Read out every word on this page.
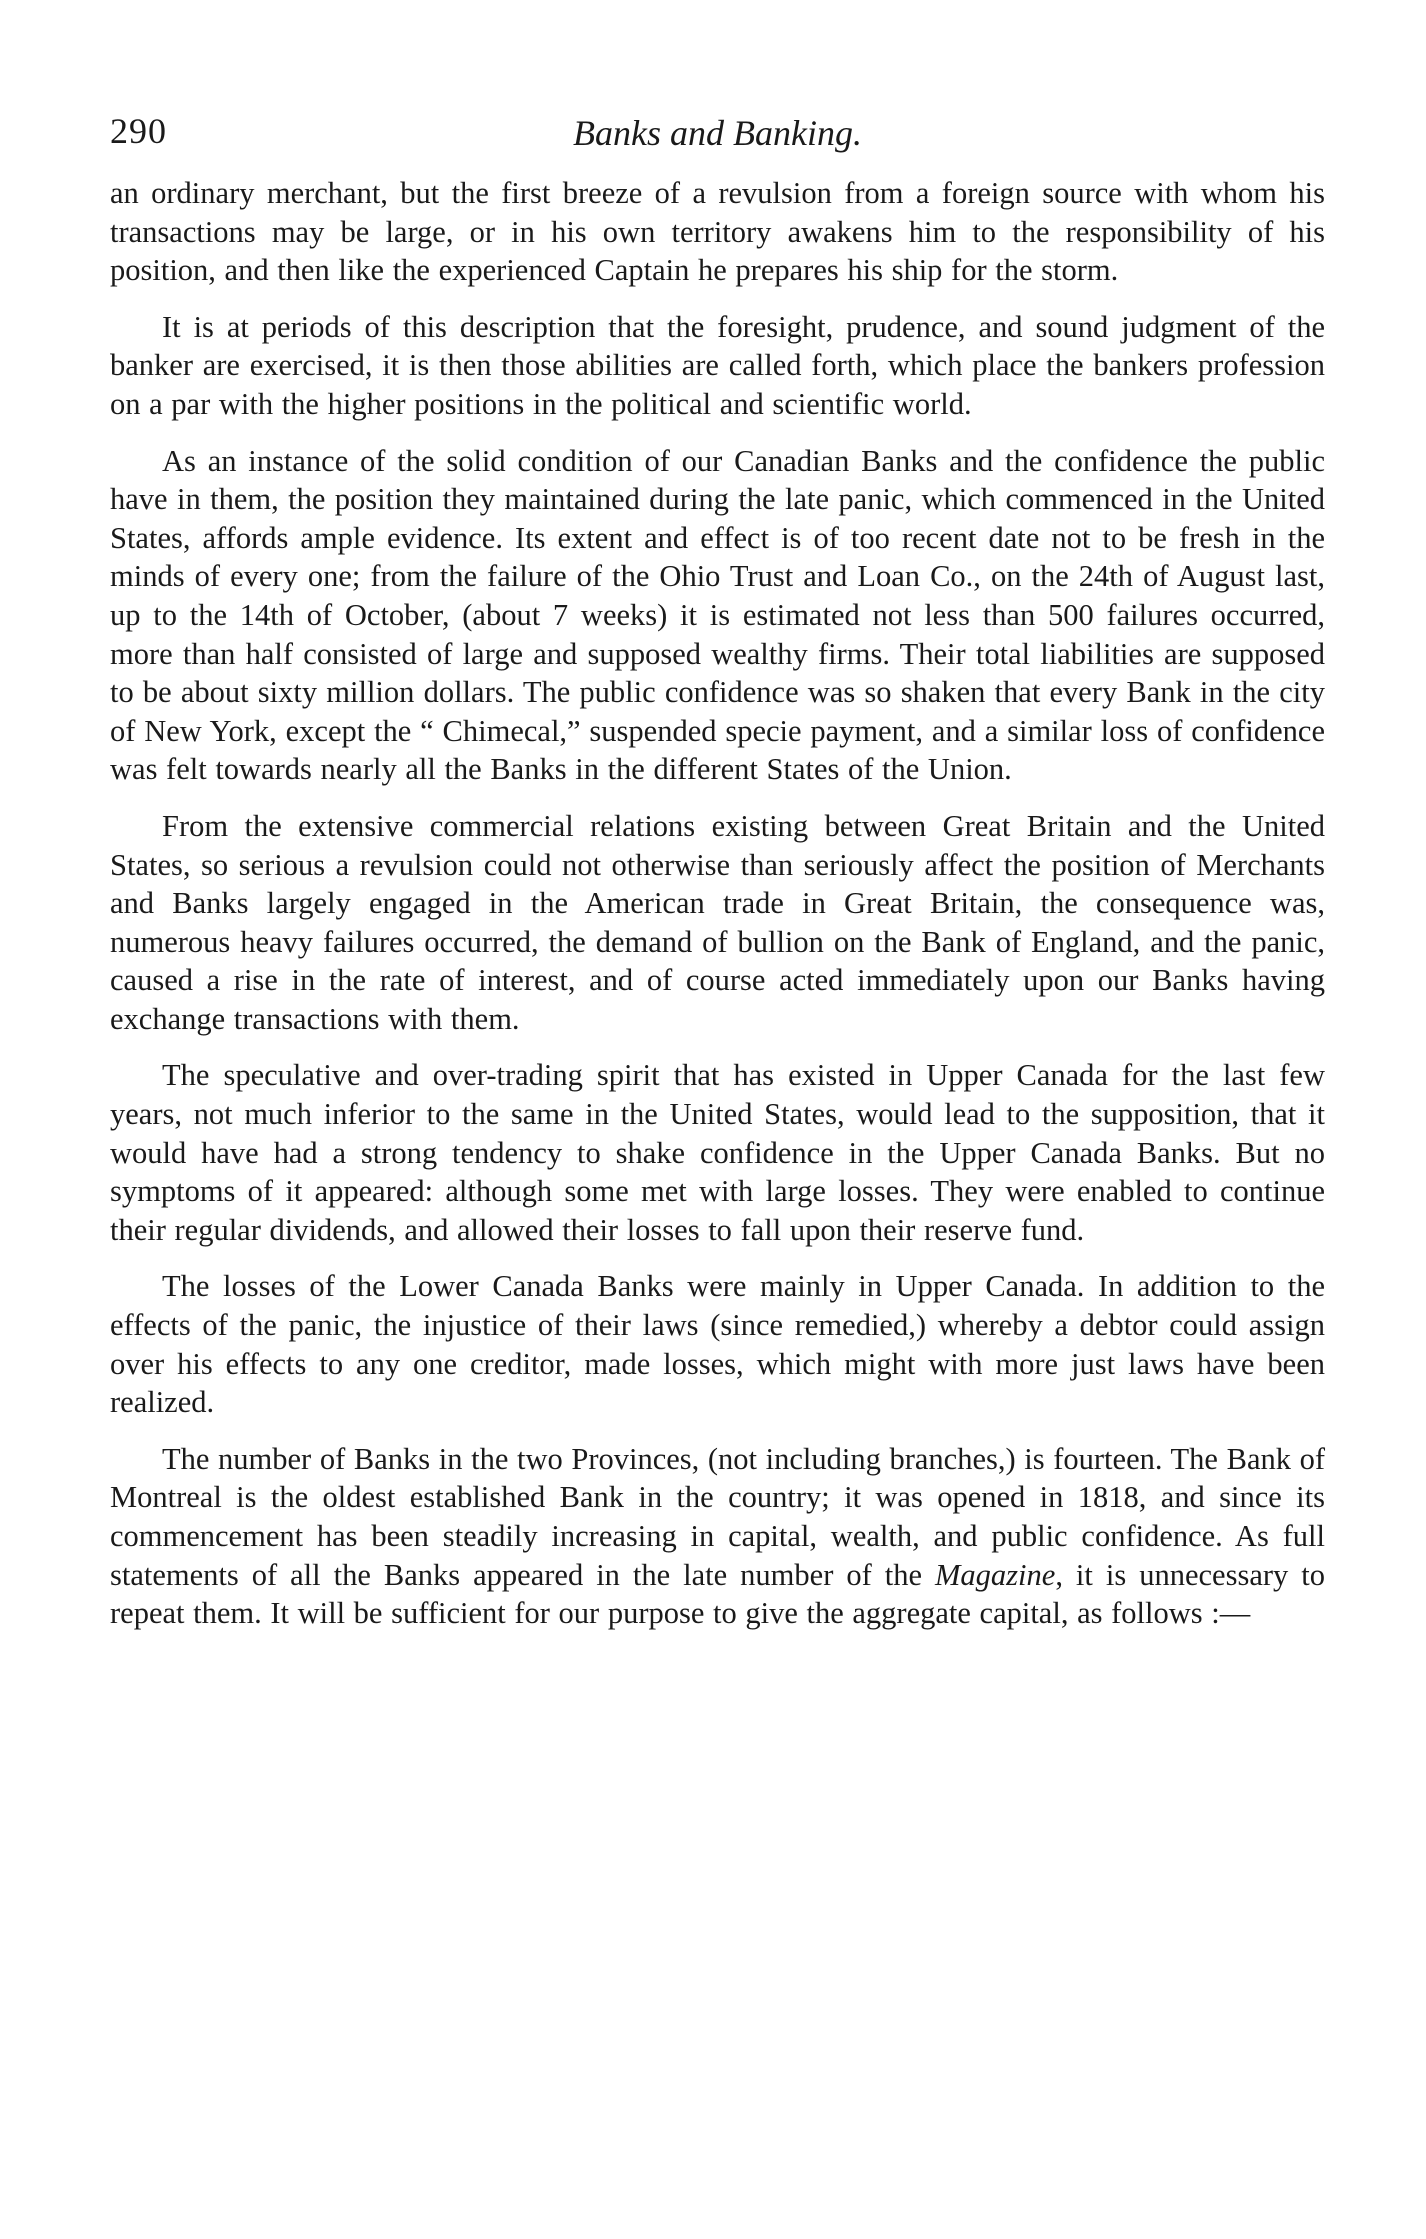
290	Banks and Banking.

an ordinary merchant, but the first breeze of a revulsion from a foreign source with whom his transactions may be large, or in his own territory awakens him to the responsibility of his position, and then like the experienced Captain he prepares his ship for the storm.

It is at periods of this description that the foresight, prudence, and sound judgment of the banker are exercised, it is then those abilities are called forth, which place the bankers profession on a par with the higher positions in the political and scientific world.

As an instance of the solid condition of our Canadian Banks and the confidence the public have in them, the position they maintained during the late panic, which commenced in the United States, affords ample evidence. Its extent and effect is of too recent date not to be fresh in the minds of every one; from the failure of the Ohio Trust and Loan Co., on the 24th of August last, up to the 14th of October, (about 7 weeks) it is estimated not less than 500 failures occurred, more than half consisted of large and supposed wealthy firms. Their total liabilities are supposed to be about sixty million dollars. The public confidence was so shaken that every Bank in the city of New York, except the “ Chimecal,” suspended specie payment, and a similar loss of confidence was felt towards nearly all the Banks in the different States of the Union.

From the extensive commercial relations existing between Great Britain and the United States, so serious a revulsion could not otherwise than seriously affect the position of Merchants and Banks largely engaged in the American trade in Great Britain, the consequence was, numerous heavy failures occurred, the demand of bullion on the Bank of England, and the panic, caused a rise in the rate of interest, and of course acted immediately upon our Banks having exchange transactions with them.

The speculative and over-trading spirit that has existed in Upper Canada for the last few years, not much inferior to the same in the United States, would lead to the supposition, that it would have had a strong tendency to shake confidence in the Upper Canada Banks. But no symptoms of it appeared: although some met with large losses. They were enabled to continue their regular dividends, and allowed their losses to fall upon their reserve fund.

The losses of the Lower Canada Banks were mainly in Upper Canada. In addition to the effects of the panic, the injustice of their laws (since remedied,) whereby a debtor could assign over his effects to any one creditor, made losses, which might with more just laws have been realized.

The number of Banks in the two Provinces, (not including branches,) is fourteen. The Bank of Montreal is the oldest established Bank in the country; it was opened in 1818, and since its commencement has been steadily increasing in capital, wealth, and public confidence. As full statements of all the Banks appeared in the late number of the Magazine, it is unnecessary to repeat them. It will be sufficient for our purpose to give the aggregate capital, as follows :—
